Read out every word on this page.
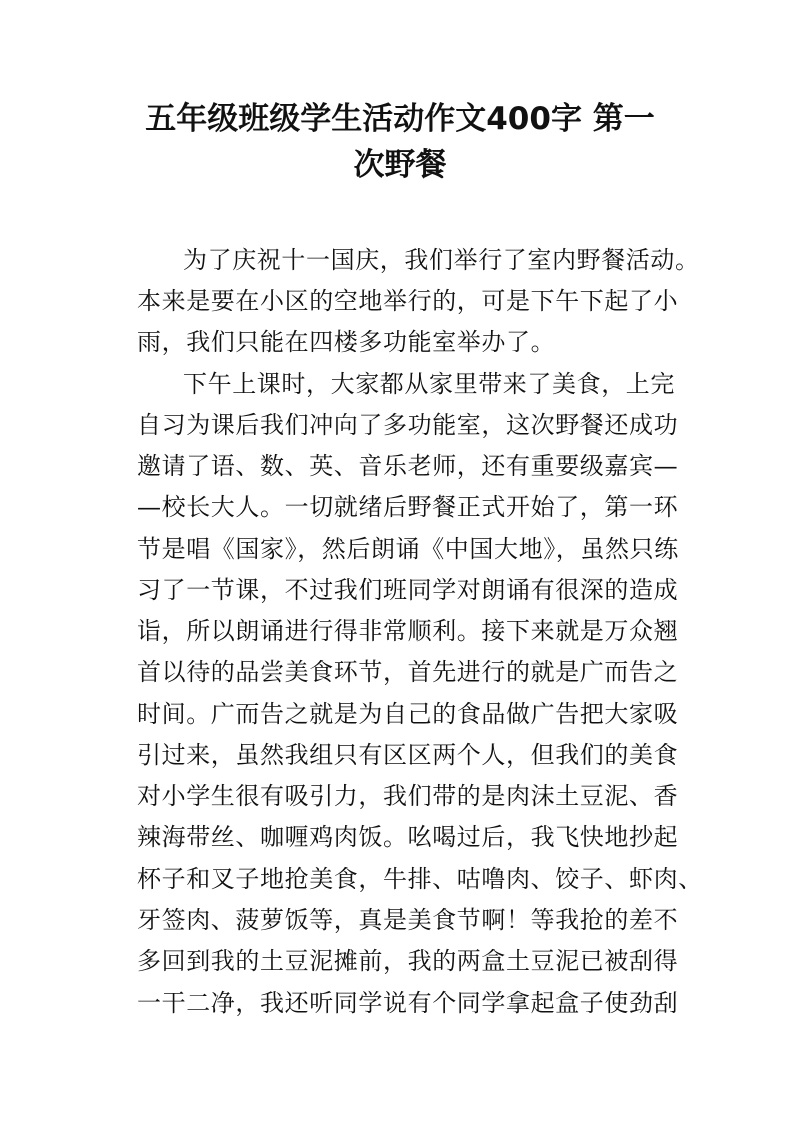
五年级班级学生活动作文400字 第一
次野餐
为了庆祝十一国庆，我们举行了室内野餐活动。
本来是要在小区的空地举行的，可是下午下起了小
雨，我们只能在四楼多功能室举办了。
下午上课时，大家都从家里带来了美食，上完
自习为课后我们冲向了多功能室，这次野餐还成功
邀请了语、数、英、音乐老师，还有重要级嘉宾—
—校长大人。一切就绪后野餐正式开始了，第一环
节是唱《国家》，然后朗诵《中国大地》，虽然只练
习了一节课，不过我们班同学对朗诵有很深的造成
诣，所以朗诵进行得非常顺利。接下来就是万众翘
首以待的品尝美食环节，首先进行的就是广而告之
时间。广而告之就是为自己的食品做广告把大家吸
引过来，虽然我组只有区区两个人，但我们的美食
对小学生很有吸引力，我们带的是肉沫土豆泥、香
辣海带丝、咖喱鸡肉饭。吆喝过后，我飞快地抄起
杯子和叉子地抢美食，牛排、咕噜肉、饺子、虾肉、
牙签肉、菠萝饭等，真是美食节啊！等我抢的差不
多回到我的土豆泥摊前，我的两盒土豆泥已被刮得
一干二净，我还听同学说有个同学拿起盒子使劲刮
